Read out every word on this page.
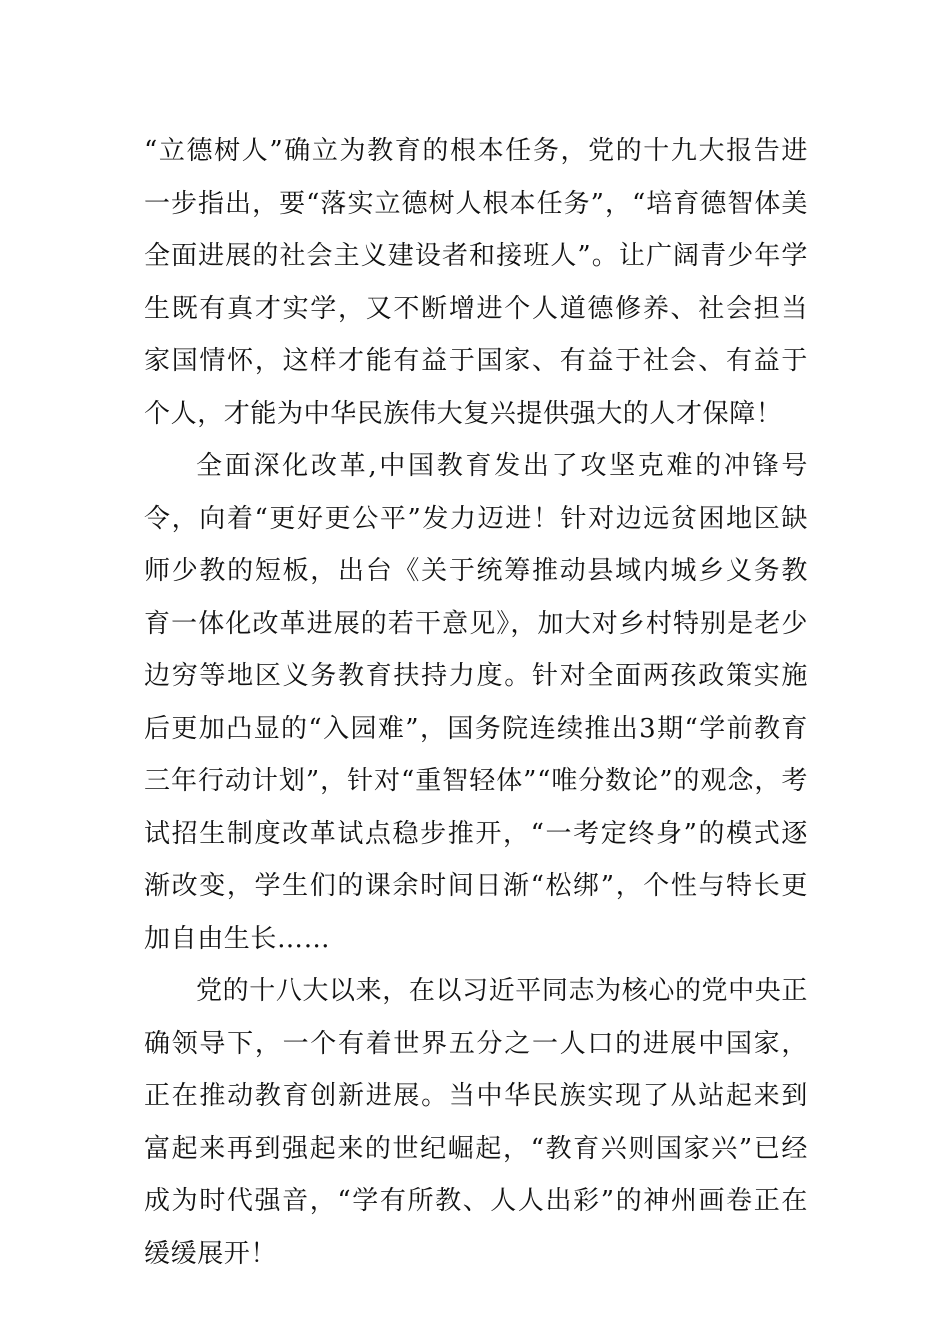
“立德树人”确立为教育的根本任务，党的十九大报告进一步指出，要“落实立德树人根本任务”，“培育德智体美全面进展的社会主义建设者和接班人”。让广阔青少年学生既有真才实学，又不断增进个人道德修养、社会担当家国情怀，这样才能有益于国家、有益于社会、有益于个人，才能为中华民族伟大复兴提供强大的人才保障！

全面深化改革,中国教育发出了攻坚克难的冲锋号令，向着“更好更公平”发力迈进！针对边远贫困地区缺师少教的短板，出台《关于统筹推动县域内城乡义务教育一体化改革进展的若干意见》，加大对乡村特别是老少边穷等地区义务教育扶持力度。针对全面两孩政策实施后更加凸显的“入园难”，国务院连续推出3期“学前教育三年行动计划”，针对“重智轻体”“唯分数论”的观念，考试招生制度改革试点稳步推开，“一考定终身”的模式逐渐改变，学生们的课余时间日渐“松绑”，个性与特长更加自由生长……

党的十八大以来，在以习近平同志为核心的党中央正确领导下，一个有着世界五分之一人口的进展中国家，正在推动教育创新进展。当中华民族实现了从站起来到富起来再到强起来的世纪崛起，“教育兴则国家兴”已经成为时代强音，“学有所教、人人出彩”的神州画卷正在缓缓展开！
